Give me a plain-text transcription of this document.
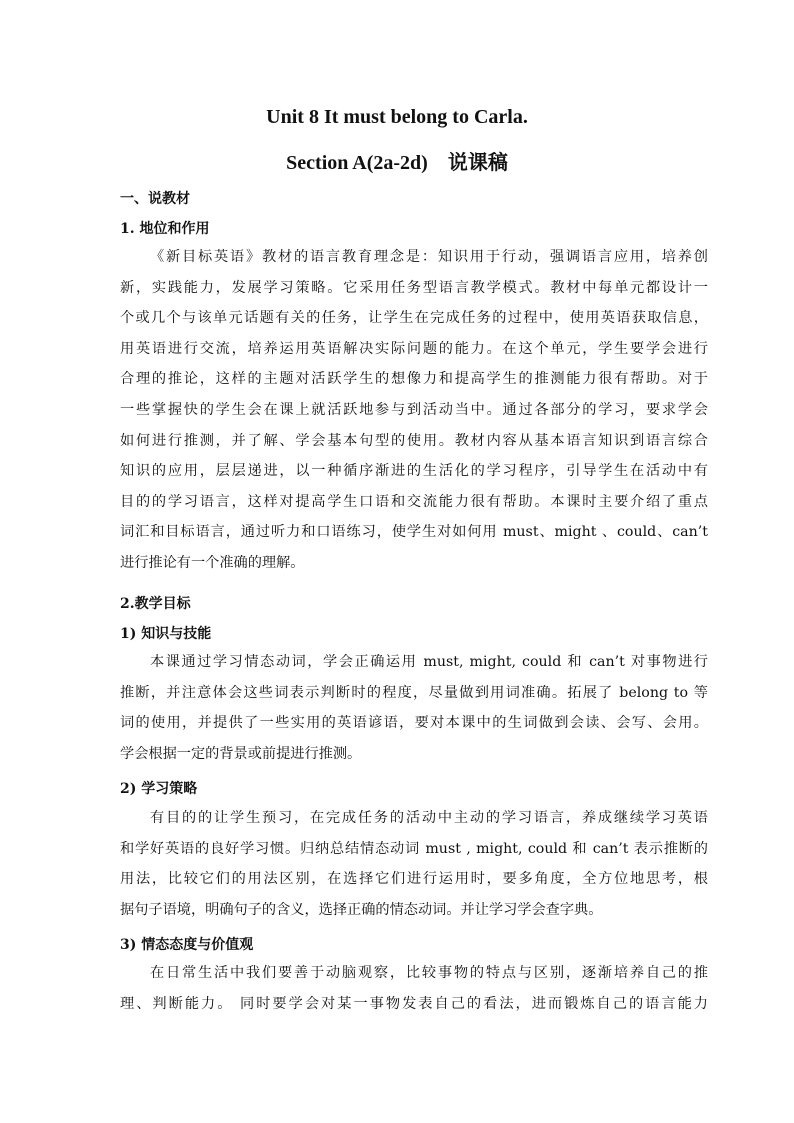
Unit 8 It must belong to Carla.
Section A(2a-2d)　说课稿
一、说教材
1. 地位和作用
《新目标英语》教材的语言教育理念是：知识用于行动，强调语言应用，培养创
新，实践能力，发展学习策略。它采用任务型语言教学模式。教材中每单元都设计一
个或几个与该单元话题有关的任务，让学生在完成任务的过程中，使用英语获取信息，
用英语进行交流，培养运用英语解决实际问题的能力。在这个单元，学生要学会进行
合理的推论，这样的主题对活跃学生的想像力和提高学生的推测能力很有帮助。对于
一些掌握快的学生会在课上就活跃地参与到活动当中。通过各部分的学习，要求学会
如何进行推测，并了解、学会基本句型的使用。教材内容从基本语言知识到语言综合
知识的应用，层层递进，以一种循序渐进的生活化的学习程序，引导学生在活动中有
目的的学习语言，这样对提高学生口语和交流能力很有帮助。本课时主要介绍了重点
词汇和目标语言，通过听力和口语练习，使学生对如何用 must、might 、could、can’t
进行推论有一个准确的理解。
2.教学目标
1) 知识与技能
本课通过学习情态动词，学会正确运用 must, might, could 和 can’t 对事物进行
推断，并注意体会这些词表示判断时的程度，尽量做到用词准确。拓展了 belong to 等
词的使用，并提供了一些实用的英语谚语，要对本课中的生词做到会读、会写、会用。
学会根据一定的背景或前提进行推测。
2) 学习策略
有目的的让学生预习，在完成任务的活动中主动的学习语言，养成继续学习英语
和学好英语的良好学习惯。归纳总结情态动词 must , might, could 和 can’t 表示推断的
用法，比较它们的用法区别，在选择它们进行运用时，要多角度，全方位地思考，根
据句子语境，明确句子的含义，选择正确的情态动词。并让学习学会查字典。
3) 情态态度与价值观
在日常生活中我们要善于动脑观察，比较事物的特点与区别，逐渐培养自己的推
理、判断能力。 同时要学会对某一事物发表自己的看法，进而锻炼自己的语言能力
